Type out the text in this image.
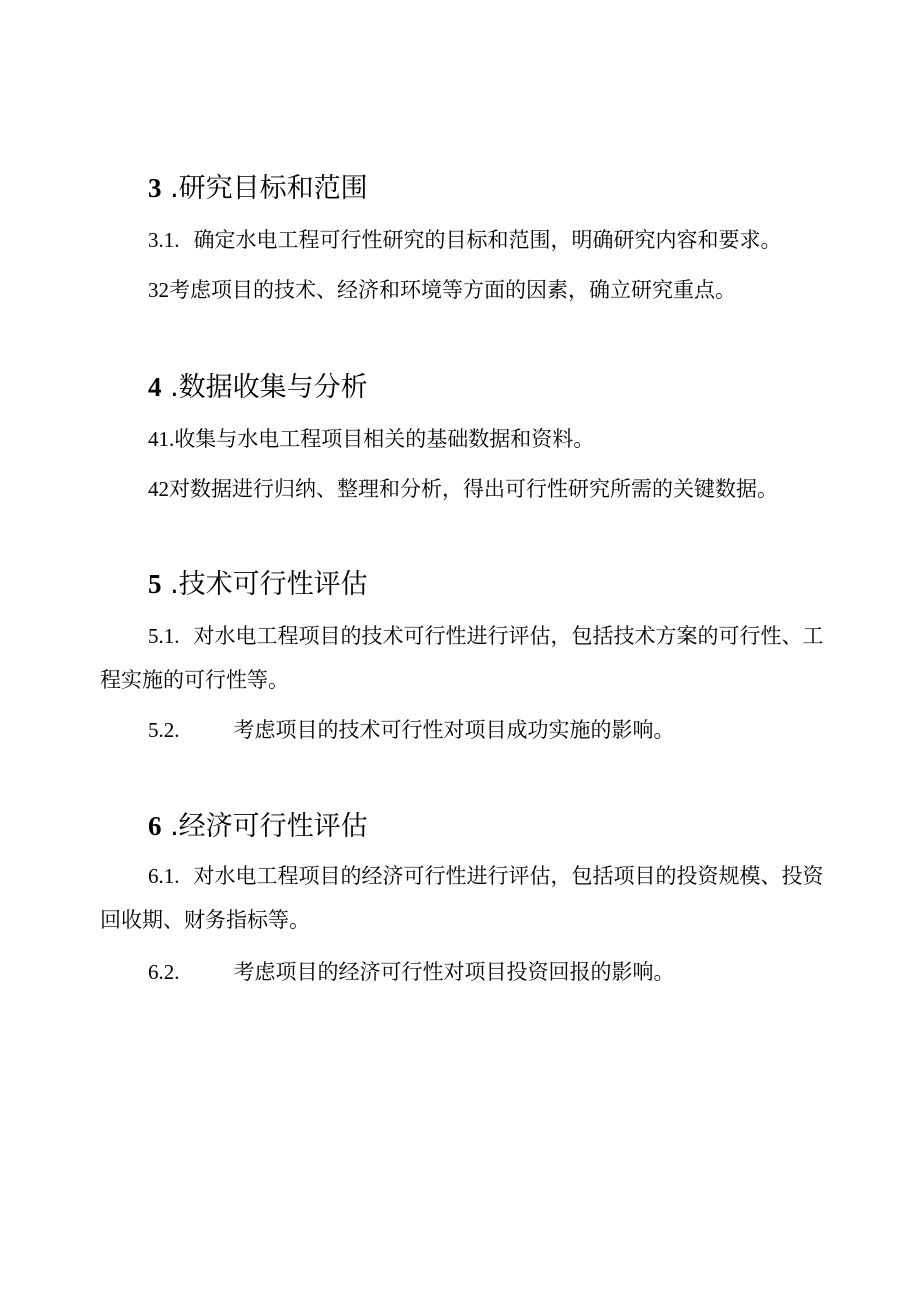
3 .研究目标和范围
3.1. 确定水电工程可行性研究的目标和范围，明确研究内容和要求。
32考虑项目的技术、经济和环境等方面的因素，确立研究重点。
4 .数据收集与分析
41.收集与水电工程项目相关的基础数据和资料。
42对数据进行归纳、整理和分析，得出可行性研究所需的关键数据。
5 .技术可行性评估
5.1. 对水电工程项目的技术可行性进行评估，包括技术方案的可行性、工程实施的可行性等。
5.2.	考虑项目的技术可行性对项目成功实施的影响。
6 .经济可行性评估
6.1. 对水电工程项目的经济可行性进行评估，包括项目的投资规模、投资回收期、财务指标等。
6.2.	考虑项目的经济可行性对项目投资回报的影响。
